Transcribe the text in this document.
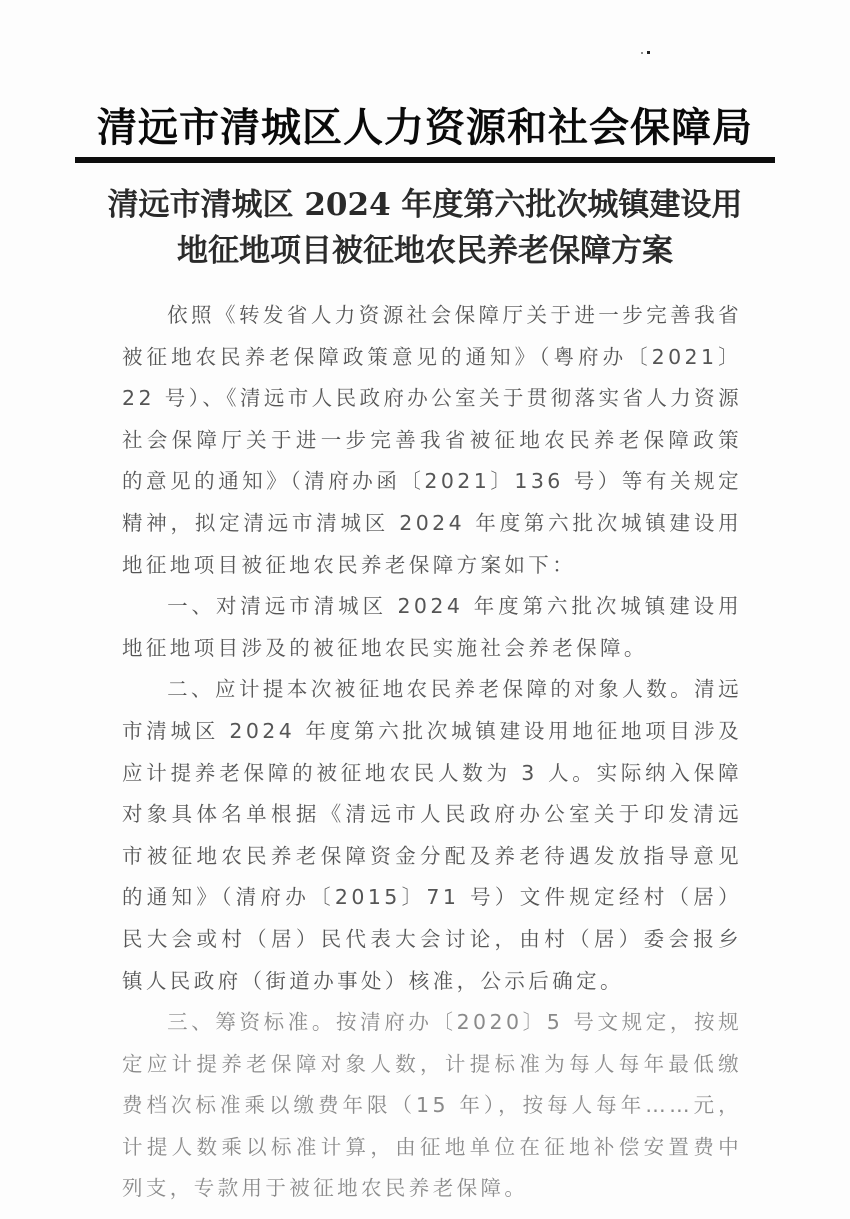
清远市清城区人力资源和社会保障局
清远市清城区 2024 年度第六批次城镇建设用
地征地项目被征地农民养老保障方案

依照《转发省人力资源社会保障厅关于进一步完善我省被征地农民养老保障政策意见的通知》（粤府办〔2021〕22 号）、《清远市人民政府办公室关于贯彻落实省人力资源社会保障厅关于进一步完善我省被征地农民养老保障政策的意见的通知》（清府办函〔2021〕136 号）等有关规定精神，拟定清远市清城区 2024 年度第六批次城镇建设用地征地项目被征地农民养老保障方案如下：

一、对清远市清城区 2024 年度第六批次城镇建设用地征地项目涉及的被征地农民实施社会养老保障。

二、应计提本次被征地农民养老保障的对象人数。清远市清城区 2024 年度第六批次城镇建设用地征地项目涉及应计提养老保障的被征地农民人数为 3 人。实际纳入保障对象具体名单根据《清远市人民政府办公室关于印发清远市被征地农民养老保障资金分配及养老待遇发放指导意见的通知》（清府办〔2015〕71 号）文件规定经村（居）民大会或村（居）民代表大会讨论，由村（居）委会报乡镇人民政府（街道办事处）核准，公示后确定。

三、筹资标准。按清府办〔2020〕5 号文规定，按规定应计提养老保障对象人数，计提标准为每人每年最低缴费档次标准乘以缴费年限（15 年），按每人每年……元，计提人数乘以标准计算，由征地单位在征地补偿安置费中列支，专款用于被征地农民养老保障。
